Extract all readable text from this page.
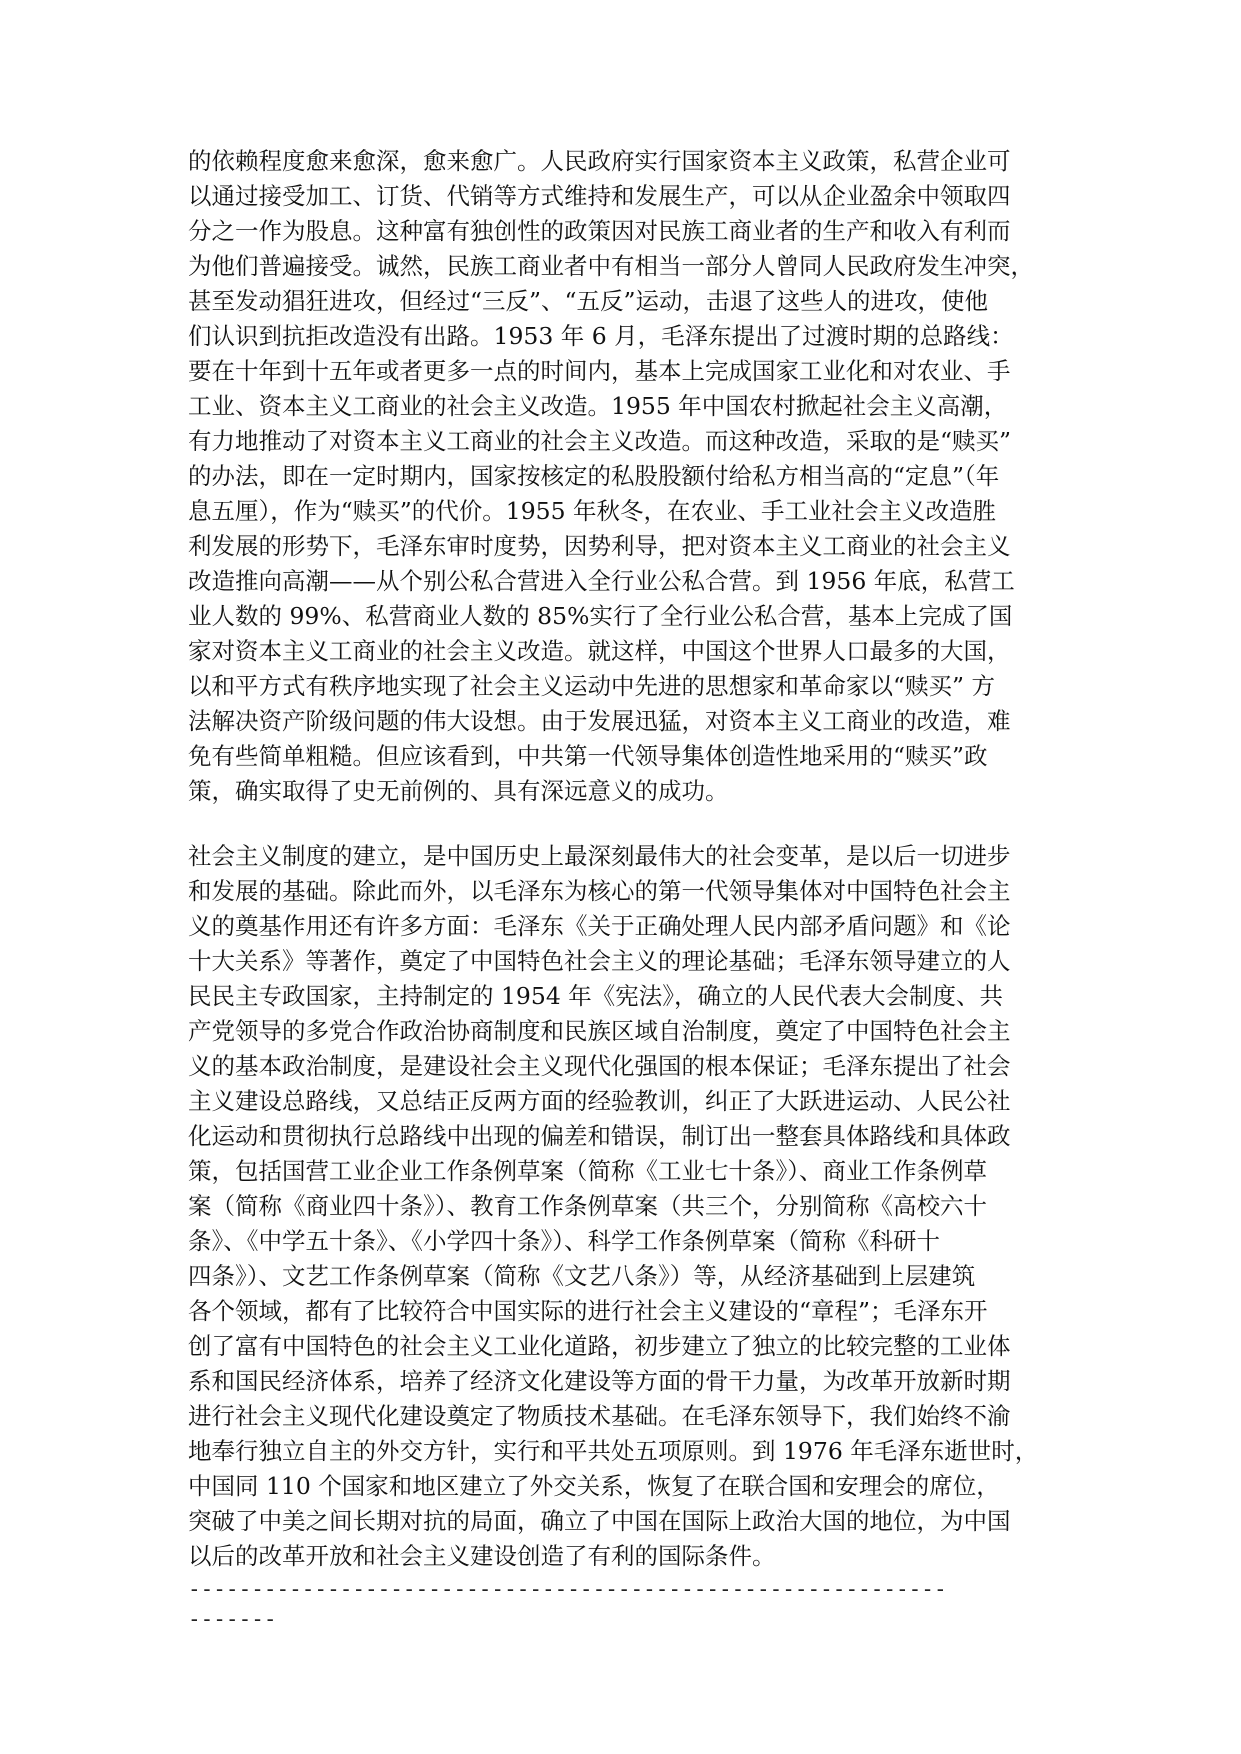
的依赖程度愈来愈深，愈来愈广。人民政府实行国家资本主义政策，私营企业可
以通过接受加工、订货、代销等方式维持和发展生产，可以从企业盈余中领取四
分之一作为股息。这种富有独创性的政策因对民族工商业者的生产和收入有利而
为他们普遍接受。诚然，民族工商业者中有相当一部分人曾同人民政府发生冲突，
甚至发动猖狂进攻，但经过“三反”、“五反”运动，击退了这些人的进攻，使他
们认识到抗拒改造没有出路。1953 年 6 月，毛泽东提出了过渡时期的总路线：
要在十年到十五年或者更多一点的时间内，基本上完成国家工业化和对农业、手
工业、资本主义工商业的社会主义改造。1955 年中国农村掀起社会主义高潮，
有力地推动了对资本主义工商业的社会主义改造。而这种改造，采取的是“赎买”
的办法，即在一定时期内，国家按核定的私股股额付给私方相当高的“定息”（年
息五厘），作为“赎买”的代价。1955 年秋冬，在农业、手工业社会主义改造胜
利发展的形势下，毛泽东审时度势，因势利导，把对资本主义工商业的社会主义
改造推向高潮——从个别公私合营进入全行业公私合营。到 1956 年底，私营工
业人数的 99%、私营商业人数的 85%实行了全行业公私合营，基本上完成了国
家对资本主义工商业的社会主义改造。就这样，中国这个世界人口最多的大国，
以和平方式有秩序地实现了社会主义运动中先进的思想家和革命家以“赎买” 方
法解决资产阶级问题的伟大设想。由于发展迅猛，对资本主义工商业的改造，难
免有些简单粗糙。但应该看到，中共第一代领导集体创造性地采用的“赎买”政
策，确实取得了史无前例的、具有深远意义的成功。
社会主义制度的建立，是中国历史上最深刻最伟大的社会变革，是以后一切进步
和发展的基础。除此而外，以毛泽东为核心的第一代领导集体对中国特色社会主
义的奠基作用还有许多方面：毛泽东《关于正确处理人民内部矛盾问题》和《论
十大关系》等著作，奠定了中国特色社会主义的理论基础；毛泽东领导建立的人
民民主专政国家，主持制定的 1954 年《宪法》，确立的人民代表大会制度、共
产党领导的多党合作政治协商制度和民族区域自治制度，奠定了中国特色社会主
义的基本政治制度，是建设社会主义现代化强国的根本保证；毛泽东提出了社会
主义建设总路线，又总结正反两方面的经验教训，纠正了大跃进运动、人民公社
化运动和贯彻执行总路线中出现的偏差和错误，制订出一整套具体路线和具体政
策，包括国营工业企业工作条例草案（简称《工业七十条》）、商业工作条例草
案（简称《商业四十条》）、教育工作条例草案（共三个，分别简称《高校六十
条》、《中学五十条》、《小学四十条》）、科学工作条例草案（简称《科研十
四条》）、文艺工作条例草案（简称《文艺八条》）等，从经济基础到上层建筑
各个领域，都有了比较符合中国实际的进行社会主义建设的“章程”；毛泽东开
创了富有中国特色的社会主义工业化道路，初步建立了独立的比较完整的工业体
系和国民经济体系，培养了经济文化建设等方面的骨干力量，为改革开放新时期
进行社会主义现代化建设奠定了物质技术基础。在毛泽东领导下，我们始终不渝
地奉行独立自主的外交方针，实行和平共处五项原则。到 1976 年毛泽东逝世时，
中国同 110 个国家和地区建立了外交关系，恢复了在联合国和安理会的席位，
突破了中美之间长期对抗的局面，确立了中国在国际上政治大国的地位，为中国
以后的改革开放和社会主义建设创造了有利的国际条件。
------------------------------------------------------------
-------
